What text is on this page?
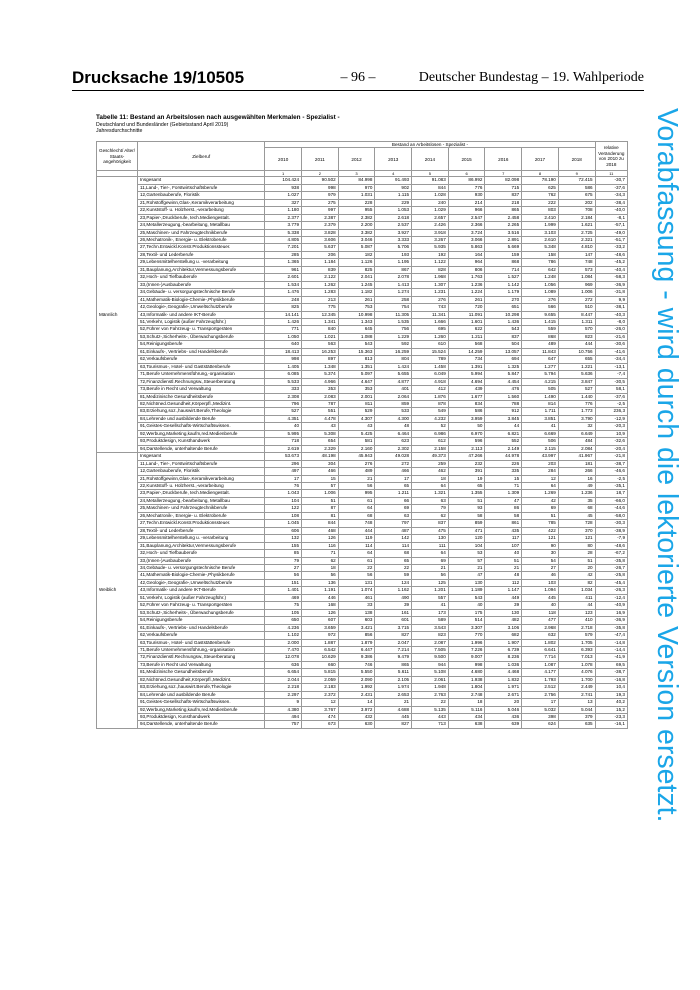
Drucksache 19/10505	– 96 –	Deutscher Bundestag – 19. Wahlperiode
Vorabfassung - wird durch die lektorierte Version ersetzt.
Tabelle 11: Bestand an Arbeitslosen nach ausgewählten Merkmalen - Spezialist -
Deutschland und Bundesländer (Gebietsstand April 2019)
Jahresdurchschnitte
Geschlecht/ Alter/ Staats- angehörigkeit	Zielberuf	Bestand an Arbeitslosen - Spezialist -									relative Veränderung von 2010 zu 2018
		2010	2011	2012	2013	2014	2015	2016	2017	2018	
		1	2	3	4	5	6	7	8	9	11
Männlich	Insgesamt	104.424	90.502	84.998	91.493	91.083	86.992	82.098	78.190	72.415	-30,7
	11,Land-, Tier-, Forstwirtschaftsberufe	938	998	970	902	844	776	715	625	586	-37,6
	12,Gartenbauberufe, Floristik	1.027	979	1.031	1.115	1.028	930	837	762	675	-34,3
	21,Rohstoffgewinn,Glas-,Keramikverarbeitung	327	275	228	229	240	214	218	222	202	-38,4
	22,Kunststoff- u. Holzherst.,-verarbeitung	1.180	997	955	1.053	1.029	966	865	803	708	-40,0
	23,Papier-,Druckberufe, tech.Mediengestalt.	2.377	2.387	2.382	2.618	2.657	2.547	2.458	2.410	2.184	-8,1
	24,Metallerzeugung,-bearbeitung, Metallbau	3.779	2.379	2.200	2.537	2.426	2.366	2.265	1.999	1.621	-57,1
	25,Maschinen- und Fahrzeugtechnikberufe	5.338	3.828	3.382	3.927	3.918	3.724	3.516	3.103	2.725	-49,0
	26,Mechatronik-, Energie- u. Elektroberufe	4.805	3.606	3.046	3.333	3.267	3.066	2.891	2.610	2.321	-51,7
	27,Techn.Entwickl.Konstr.Produktionssteuer.	7.201	5.637	5.087	5.706	5.935	5.863	5.669	5.348	4.810	-33,2
	28,Textil- und Lederberufe	285	206	182	193	192	164	159	158	147	-48,6
	29,Lebensmittelherstellung u. -verarbeitung	1.365	1.184	1.126	1.195	1.122	964	868	786	748	-45,2
	31,Bauplanung,Architektur,Vermessungsberufe	961	839	825	867	828	806	714	642	573	-40,4
	32,Hoch- und Tiefbauberufe	2.601	2.122	2.041	2.078	1.968	1.763	1.527	1.248	1.084	-58,3
	33,(Innen-)Ausbauberufe	1.534	1.262	1.245	1.413	1.307	1.236	1.142	1.056	969	-36,9
	34,Gebäude- u. versorgungstechnische Berufe	1.476	1.283	1.182	1.274	1.231	1.224	1.179	1.089	1.006	-31,8
	41,Mathematik-Biologie-Chemie-,Physikberufe	248	213	261	258	276	261	270	276	272	9,9
	42,Geologie-,Geografie-,Umweltschutzberufe	825	775	753	754	743	720	651	566	510	-38,1
	43,Informatik- und andere IKT-Berufe	14.141	12.345	10.998	11.305	11.341	11.091	10.298	9.655	8.447	-40,3
	51,Verkehr, Logistik (außer Fahrzeugführ.)	1.426	1.341	1.343	1.535	1.666	1.601	1.436	1.415	1.311	-8,0
	52,Führer von Fahrzeug- u. Transportgeräten	771	840	645	756	695	622	543	559	570	-26,0
	53,Schutz-,Sicherheits-, Überwachungsberufe	1.050	1.021	1.088	1.229	1.260	1.211	837	868	823	-21,6
	54,Reinigungsberufe	640	563	543	592	610	568	504	489	444	-30,6
	61,Einkaufs-, Vertriebs- und Handelsberufe	18.413	16.253	15.363	16.259	15.524	14.259	13.057	11.843	10.756	-41,6
	62,Verkaufsberufe	998	897	813	804	789	734	694	647	655	-34,4
	63,Tourismus-, Hotel- und Gaststättenberufe	1.405	1.348	1.351	1.424	1.458	1.391	1.325	1.277	1.221	-13,1
	71,Berufe Unternehmensführung,-organisation	6.085	5.374	5.097	5.655	6.049	5.994	5.847	5.794	5.636	-7,4
	72,Finanzdienstl.Rechnungsw.,Steuerberatung	5.533	4.966	4.647	4.877	4.918	4.694	4.454	4.215	3.847	-30,5
	73,Berufe in Recht und Verwaltung	333	353	353	401	412	439	476	505	527	58,1
	81,Medizinische Gesundheitsberufe	2.308	2.083	2.001	2.064	1.876	1.677	1.560	1.490	1.440	-37,6
	82,Nichtmed.Gesundheit,Körperpfl.,Medizint.	796	787	811	859	878	834	788	814	776	-2,5
	83,Erziehung,soz.,hauswirt.Berufe,Theologie	527	551	529	533	549	586	912	1.711	1.773	236,3
	84,Lehrende und ausbildende Berufe	4.351	4.478	4.307	4.300	4.232	3.959	3.845	3.851	3.790	-12,9
	91,Geistes-Gesellschafts-Wirtschaftswissen.	40	43	43	48	52	50	44	41	32	-20,3
	92,Werbung,Marketing,kaufm,red.Medienberufe	5.995	5.308	5.425	6.464	6.986	6.970	6.821	6.669	6.649	10,9
	93,Produktdesign, Kunsthandwerk	718	654	581	623	612	596	552	506	484	-32,6
	94,Darstellende, unterhaltende Berufe	2.619	2.329	2.160	2.302	2.158	2.113	2.149	2.115	2.084	-20,4
Weiblich	Insgesamt	53.673	48.198	45.943	49.028	49.373	47.266	44.978	43.997	41.967	-21,8
	11,Land-, Tier-, Forstwirtschaftsberufe	296	304	276	272	259	232	226	203	181	-38,7
	12,Gartenbauberufe, Floristik	497	466	489	466	462	391	335	284	266	-46,6
	21,Rohstoffgewinn,Glas-,Keramikverarbeitung	17	15	21	17	18	19	15	12	16	-2,5
	22,Kunststoff- u. Holzherst.,-verarbeitung	76	57	56	65	64	65	71	64	49	-35,1
	23,Papier-,Druckberufe, tech.Mediengestalt.	1.043	1.006	995	1.211	1.321	1.355	1.309	1.269	1.236	18,7
	24,Metallerzeugung,-bearbeitung, Metallbau	104	51	61	66	63	51	47	42	35	-66,0
	25,Maschinen- und Fahrzeugtechnikberufe	122	87	64	69	79	93	86	69	68	-44,6
	26,Mechatronik-, Energie- u. Elektroberufe	108	81	68	63	62	58	58	51	45	-58,0
	27,Techn.Entwickl.Konstr.Produktionssteuer.	1.045	844	748	797	837	859	861	785	728	-30,3
	28,Textil- und Lederberufe	606	468	444	487	475	471	435	422	370	-38,9
	29,Lebensmittelherstellung u. -verarbeitung	132	126	119	142	130	120	117	121	121	-7,9
	31,Bauplanung,Architektur,Vermessungsberufe	155	116	114	114	111	104	107	90	80	-48,6
	32,Hoch- und Tiefbauberufe	85	71	64	68	64	53	40	30	28	-67,2
	33,(Innen-)Ausbauberufe	79	62	61	65	69	57	51	54	51	-35,8
	34,Gebäude- u. versorgungstechnische Berufe	27	18	22	22	21	21	21	27	20	-26,7
	41,Mathematik-Biologie-Chemie-,Physikberufe	56	56	56	59	56	47	48	46	42	-25,8
	42,Geologie-,Geografie-,Umweltschutzberufe	151	136	131	124	125	130	112	103	82	-45,4
	43,Informatik- und andere IKT-Berufe	1.401	1.191	1.074	1.162	1.201	1.189	1.147	1.094	1.034	-26,3
	51,Verkehr, Logistik (außer Fahrzeugführ.)	469	446	461	490	557	543	449	445	411	-12,4
	52,Führer von Fahrzeug- u. Transportgeräten	75	168	33	39	41	40	39	40	44	-40,9
	53,Schutz-,Sicherheits-, Überwachungsberufe	105	126	138	161	173	175	130	118	123	16,9
	54,Reinigungsberufe	650	607	603	601	589	514	482	477	410	-36,9
	61,Einkaufs-, Vertriebs- und Handelsberufe	4.236	3.659	3.421	3.715	3.543	3.307	3.106	2.968	2.718	-35,8
	62,Verkaufsberufe	1.102	972	856	827	823	770	682	632	579	-47,4
	63,Tourismus-, Hotel- und Gaststättenberufe	2.000	1.887	1.879	2.047	2.087	1.996	1.907	1.802	1.705	-14,8
	71,Berufe Unternehmensführung,-organisation	7.470	6.542	6.447	7.214	7.505	7.226	6.739	6.641	6.393	-14,4
	72,Finanzdienstl.Rechnungsw.,Steuerberatung	12.078	10.629	9.386	9.479	9.500	9.007	8.236	7.714	7.013	-41,9
	73,Berufe in Recht und Verwaltung	636	660	746	865	944	998	1.036	1.087	1.078	69,5
	81,Medizinische Gesundheitsberufe	6.654	5.815	5.550	5.611	5.108	4.680	4.468	4.177	4.076	-38,7
	82,Nichtmed.Gesundheit,Körperpfl.,Medizint.	2.044	2.059	2.090	2.105	2.061	1.938	1.832	1.793	1.700	-16,8
	83,Erziehung,soz.,hauswirt.Berufe,Theologie	2.218	2.183	1.992	1.974	1.948	1.804	1.971	2.512	2.449	10,4
	84,Lehrende und ausbildende Berufe	2.297	2.372	2.431	2.653	2.763	2.748	2.671	2.756	2.741	19,3
	91,Geistes-Gesellschafts-Wirtschaftswissen.	9	12	14	21	22	18	20	17	13	40,2
	92,Werbung,Marketing,kaufm,red.Medienberufe	4.380	3.767	3.972	4.688	5.135	5.116	5.046	5.032	5.044	15,2
	93,Produktdesign, Kunsthandwerk	494	474	432	445	443	434	436	398	379	-23,3
	94,Darstellende, unterhaltende Berufe	757	673	630	827	713	638	639	624	635	-16,1
